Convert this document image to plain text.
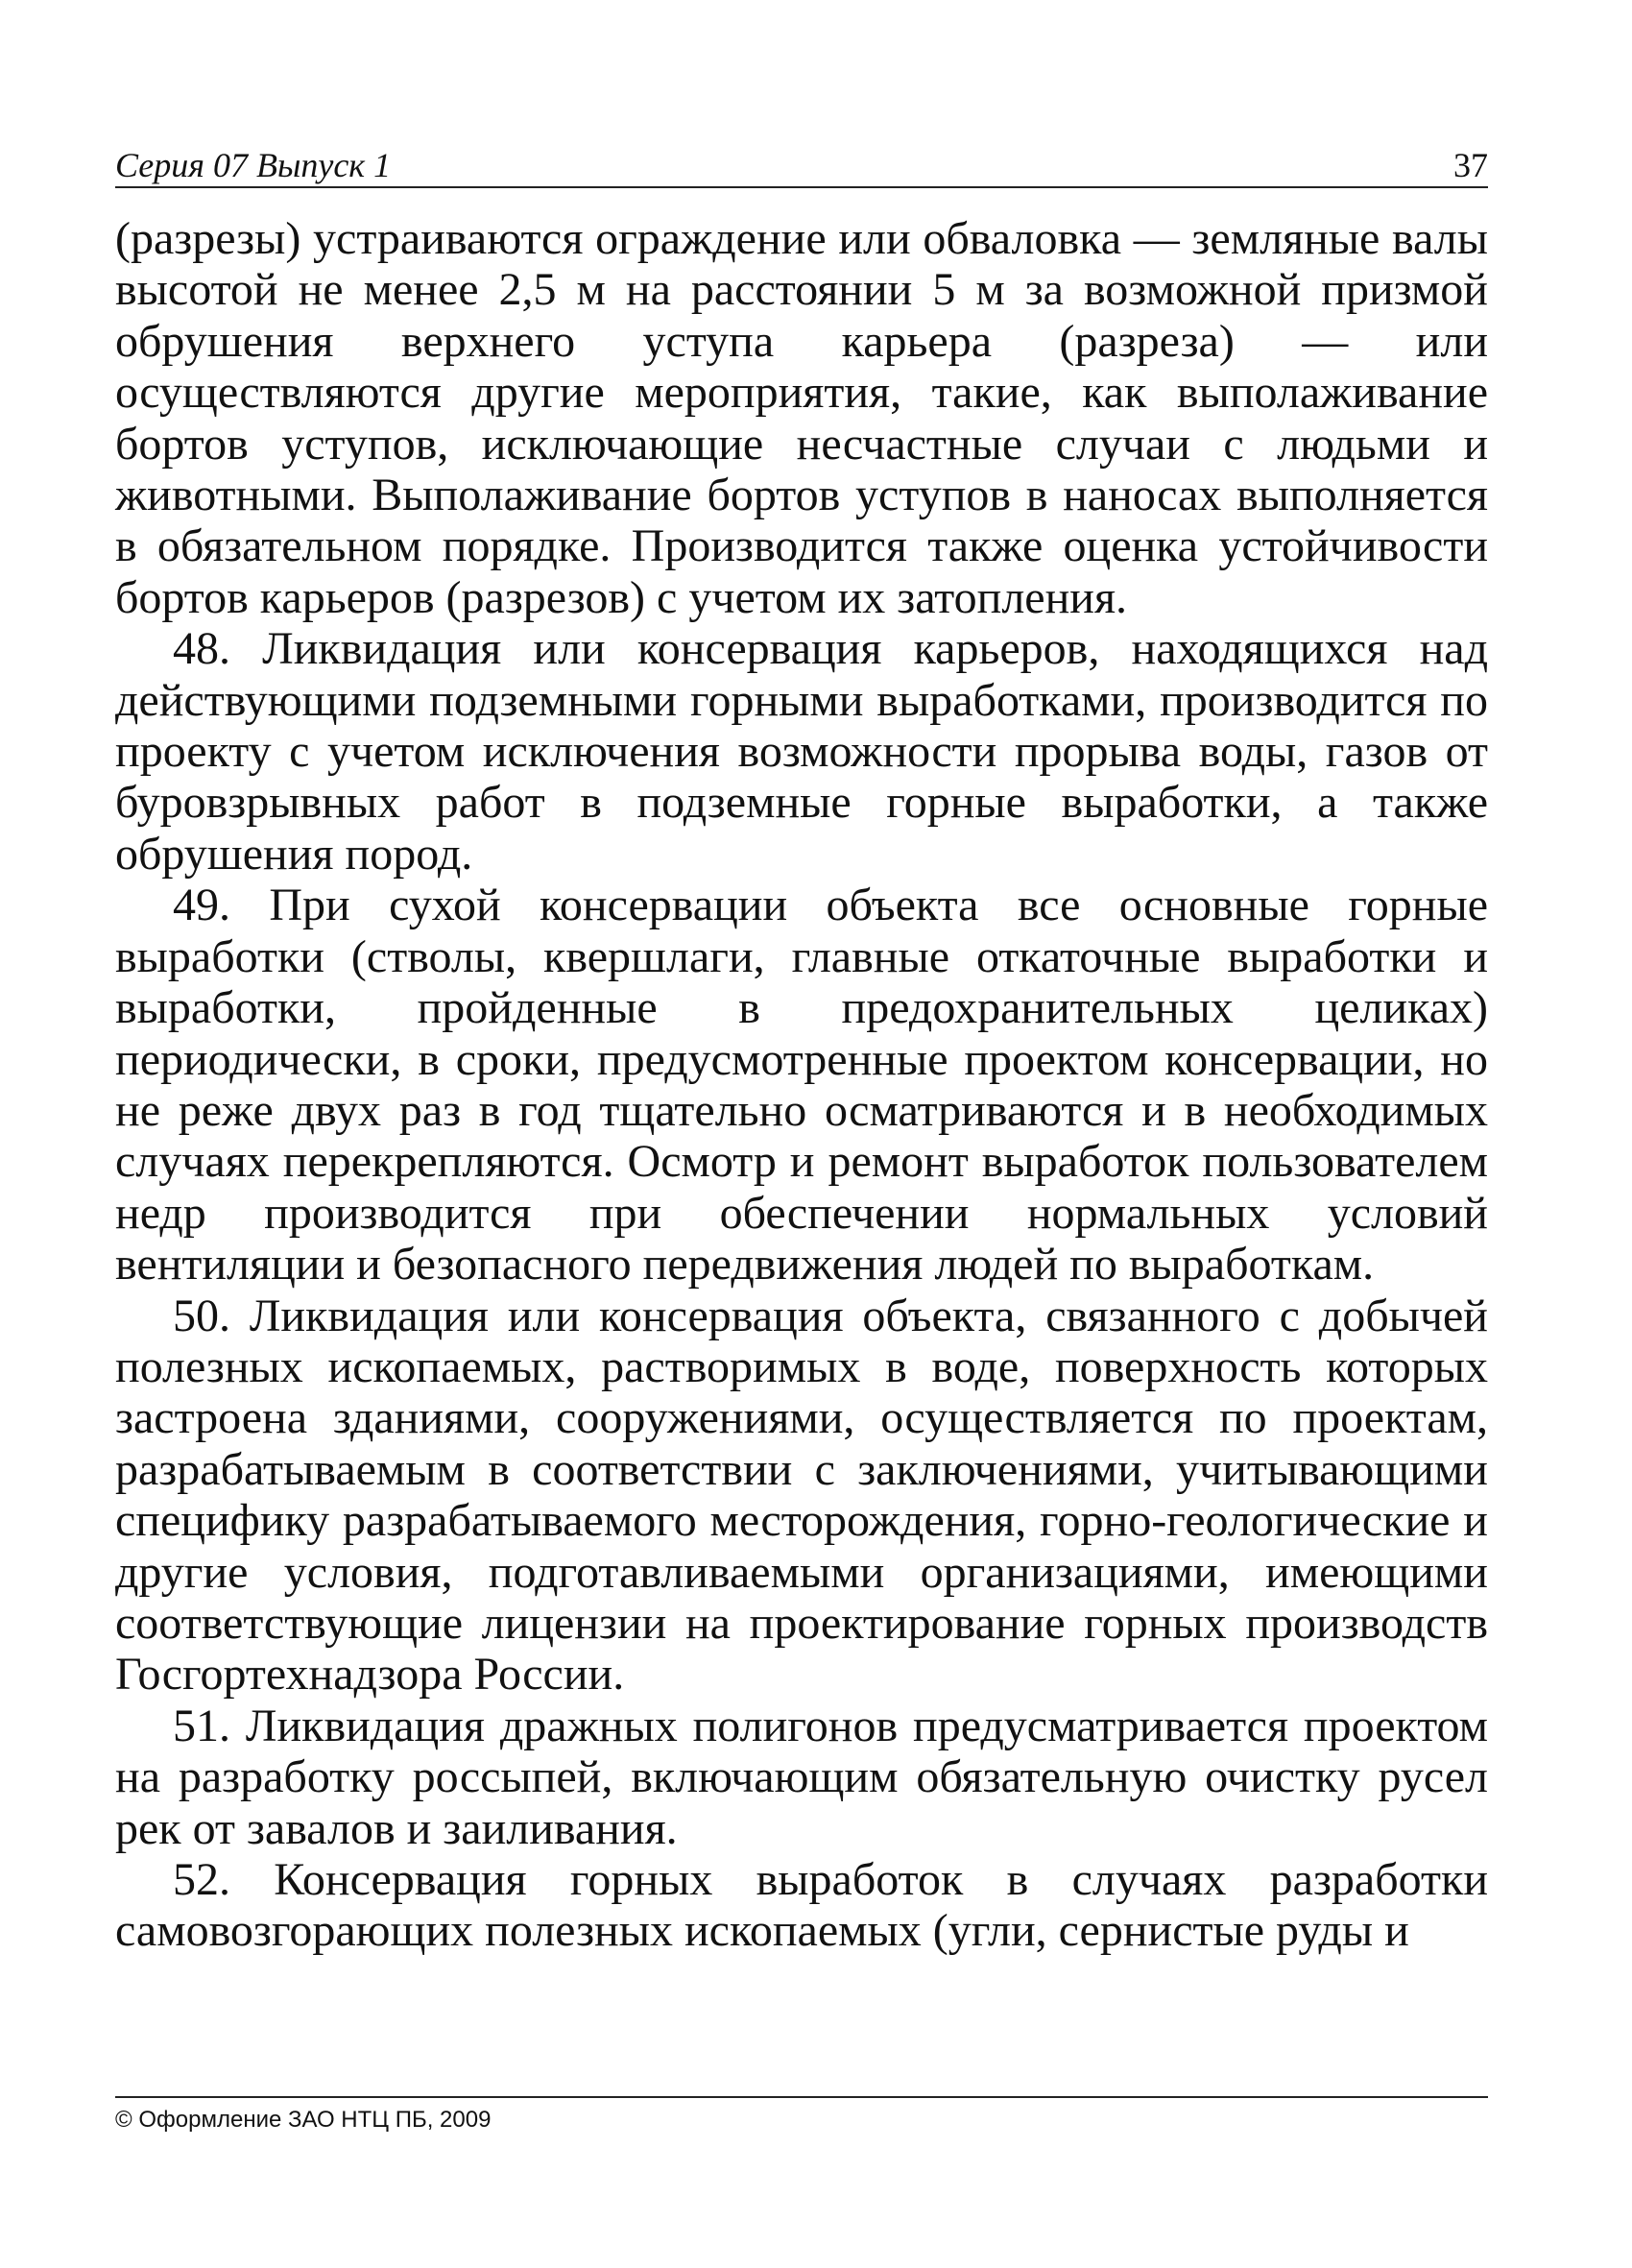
Серия 07 Выпуск 1	37

(разрезы) устраиваются ограждение или обваловка — земляные валы высотой не менее 2,5 м на расстоянии 5 м за возможной призмой обрушения верхнего уступа карьера (разреза) — или осуществляются другие мероприятия, такие, как выполаживание бортов уступов, исключающие несчастные случаи с людьми и животными. Выполаживание бортов уступов в наносах выполняется в обязательном порядке. Производится также оценка устойчивости бортов карьеров (разрезов) с учетом их затопления.

48. Ликвидация или консервация карьеров, находящихся над действующими подземными горными выработками, производится по проекту с учетом исключения возможности прорыва воды, газов от буровзрывных работ в подземные горные выработки, а также обрушения пород.

49. При сухой консервации объекта все основные горные выработки (стволы, квершлаги, главные откаточные выработки и выработки, пройденные в предохранительных целиках) периодически, в сроки, предусмотренные проектом консервации, но не реже двух раз в год тщательно осматриваются и в необходимых случаях перекрепляются. Осмотр и ремонт выработок пользователем недр производится при обеспечении нормальных условий вентиляции и безопасного передвижения людей по выработкам.

50. Ликвидация или консервация объекта, связанного с добычей полезных ископаемых, растворимых в воде, поверхность которых застроена зданиями, сооружениями, осуществляется по проектам, разрабатываемым в соответствии с заключениями, учитывающими специфику разрабатываемого месторождения, горно-геологические и другие условия, подготавливаемыми организациями, имеющими соответствующие лицензии на проектирование горных производств Госгортехнадзора России.

51. Ликвидация дражных полигонов предусматривается проектом на разработку россыпей, включающим обязательную очистку русел рек от завалов и заиливания.

52. Консервация горных выработок в случаях разработки самовозгорающих полезных ископаемых (угли, сернистые руды и

© Оформление ЗАО НТЦ ПБ, 2009
